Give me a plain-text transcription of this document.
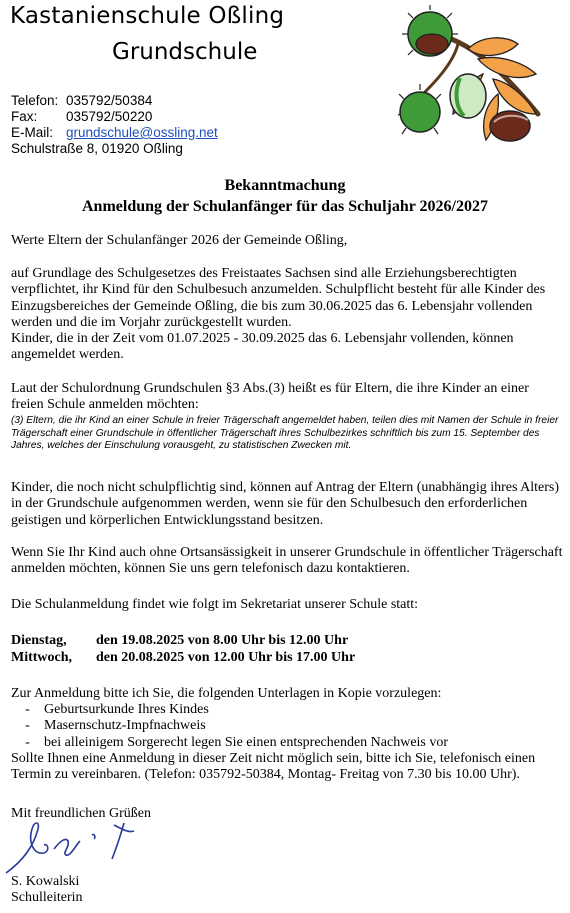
Kastanienschule Oßling
Grundschule
Telefon: 035792/50384
Fax:	035792/50220
E-Mail: grundschule@ossling.net
Schulstraße 8, 01920 Oßling
Bekanntmachung
Anmeldung der Schulanfänger für das Schuljahr 2026/2027
Werte Eltern der Schulanfänger 2026 der Gemeinde Oßling,
auf Grundlage des Schulgesetzes des Freistaates Sachsen sind alle Erziehungsberechtigten verpflichtet, ihr Kind für den Schulbesuch anzumelden. Schulpflicht besteht für alle Kinder des Einzugsbereiches der Gemeinde Oßling, die bis zum 30.06.2025 das 6. Lebensjahr vollenden werden und die im Vorjahr zurückgestellt wurden.
Kinder, die in der Zeit vom 01.07.2025 - 30.09.2025 das 6. Lebensjahr vollenden, können angemeldet werden.
Laut der Schulordnung Grundschulen §3 Abs.(3) heißt es für Eltern, die ihre Kinder an einer freien Schule anmelden möchten:
(3) Eltern, die ihr Kind an einer Schule in freier Trägerschaft angemeldet haben, teilen dies mit Namen der Schule in freier Trägerschaft einer Grundschule in öffentlicher Trägerschaft ihres Schulbezirkes schriftlich bis zum 15. September des Jahres, welches der Einschulung vorausgeht, zu statistischen Zwecken mit.
Kinder, die noch nicht schulpflichtig sind, können auf Antrag der Eltern (unabhängig ihres Alters) in der Grundschule aufgenommen werden, wenn sie für den Schulbesuch den erforderlichen geistigen und körperlichen Entwicklungsstand besitzen.
Wenn Sie Ihr Kind auch ohne Ortsansässigkeit in unserer Grundschule in öffentlicher Trägerschaft anmelden möchten, können Sie uns gern telefonisch dazu kontaktieren.
Die Schulanmeldung findet wie folgt im Sekretariat unserer Schule statt:
Dienstag,	den 19.08.2025 von 8.00 Uhr bis 12.00 Uhr
Mittwoch,	den 20.08.2025 von 12.00 Uhr bis 17.00 Uhr
Zur Anmeldung bitte ich Sie, die folgenden Unterlagen in Kopie vorzulegen:
-	Geburtsurkunde Ihres Kindes
-	Masernschutz-Impfnachweis
-	bei alleinigem Sorgerecht legen Sie einen entsprechenden Nachweis vor
Sollte Ihnen eine Anmeldung in dieser Zeit nicht möglich sein, bitte ich Sie, telefonisch einen Termin zu vereinbaren. (Telefon: 035792-50384, Montag- Freitag von 7.30 bis 10.00 Uhr).
Mit freundlichen Grüßen
S. Kowalski
Schulleiterin
